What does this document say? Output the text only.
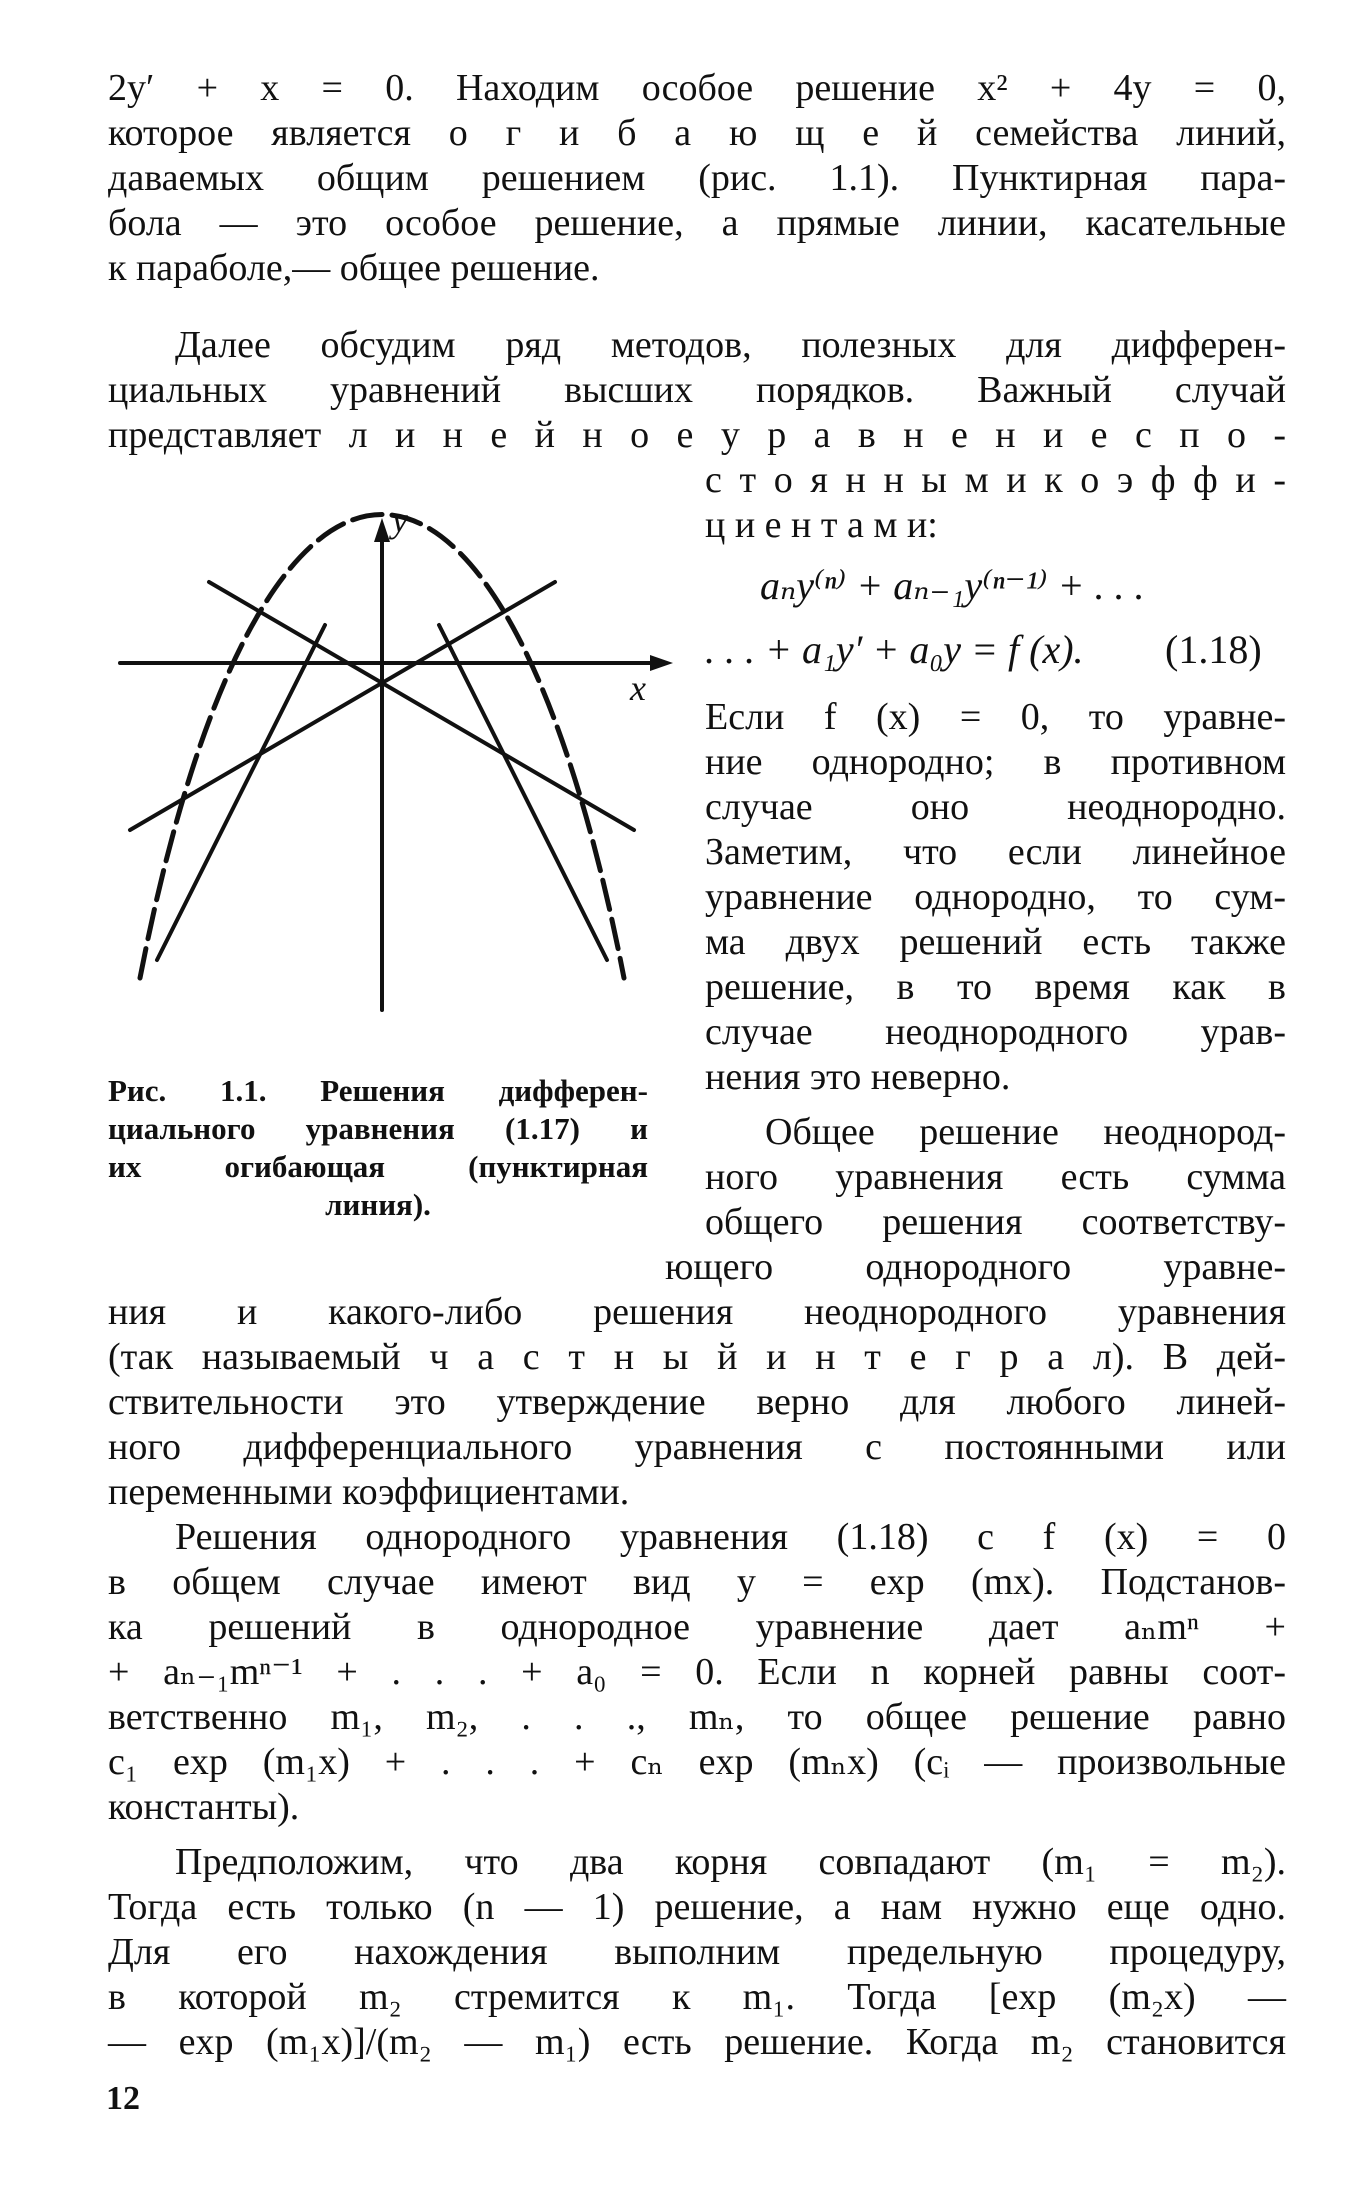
2y′ + x = 0. Находим особое решение x² + 4y = 0,
которое является о г и б а ю щ е й семейства линий,
даваемых общим решением (рис. 1.1). Пунктирная пара-
бола — это особое решение, а прямые линии, касательные
к параболе,— общее решение.
Далее обсудим ряд методов, полезных для дифферен-
циальных уравнений высших порядков. Важный случай
представляет л и н е й н о е у р а в н е н и е с п о -
с т о я н н ы м и к о э ф ф и -
ц и е н т а м и:
aₙy⁽ⁿ⁾ + aₙ₋₁y⁽ⁿ⁻¹⁾ + . . .
. . . + a₁y′ + a₀y = f (x). (1.18)
Если f (x) = 0, то уравне-
ние однородно; в противном
случае оно неоднородно.
Заметим, что если линейное
уравнение однородно, то сум-
ма двух решений есть также
решение, в то время как в
случае неоднородного урав-
нения это неверно.
Общее решение неоднород-
ного уравнения есть сумма
общего решения соответству-
ющего однородного уравне-
y
x
Рис. 1.1. Решения дифферен-
циального уравнения (1.17) и
их огибающая (пунктирная
линия).
ния и какого-либо решения неоднородного уравнения
(так называемый ч а с т н ы й и н т е г р а л). В дей-
ствительности это утверждение верно для любого линей-
ного дифференциального уравнения с постоянными или
переменными коэффициентами.
Решения однородного уравнения (1.18) с f (x) = 0
в общем случае имеют вид y = exp (mx). Подстанов-
ка решений в однородное уравнение дает aₙmⁿ +
+ aₙ₋₁mⁿ⁻¹ + . . . + a₀ = 0. Если n корней равны соот-
ветственно m₁, m₂, . . ., mₙ, то общее решение равно
c₁ exp (m₁x) + . . . + cₙ exp (mₙx) (cᵢ — произвольные
константы).
Предположим, что два корня совпадают (m₁ = m₂).
Тогда есть только (n — 1) решение, а нам нужно еще одно.
Для его нахождения выполним предельную процедуру,
в которой m₂ стремится к m₁. Тогда [exp (m₂x) —
— exp (m₁x)]/(m₂ — m₁) есть решение. Когда m₂ становится
12
